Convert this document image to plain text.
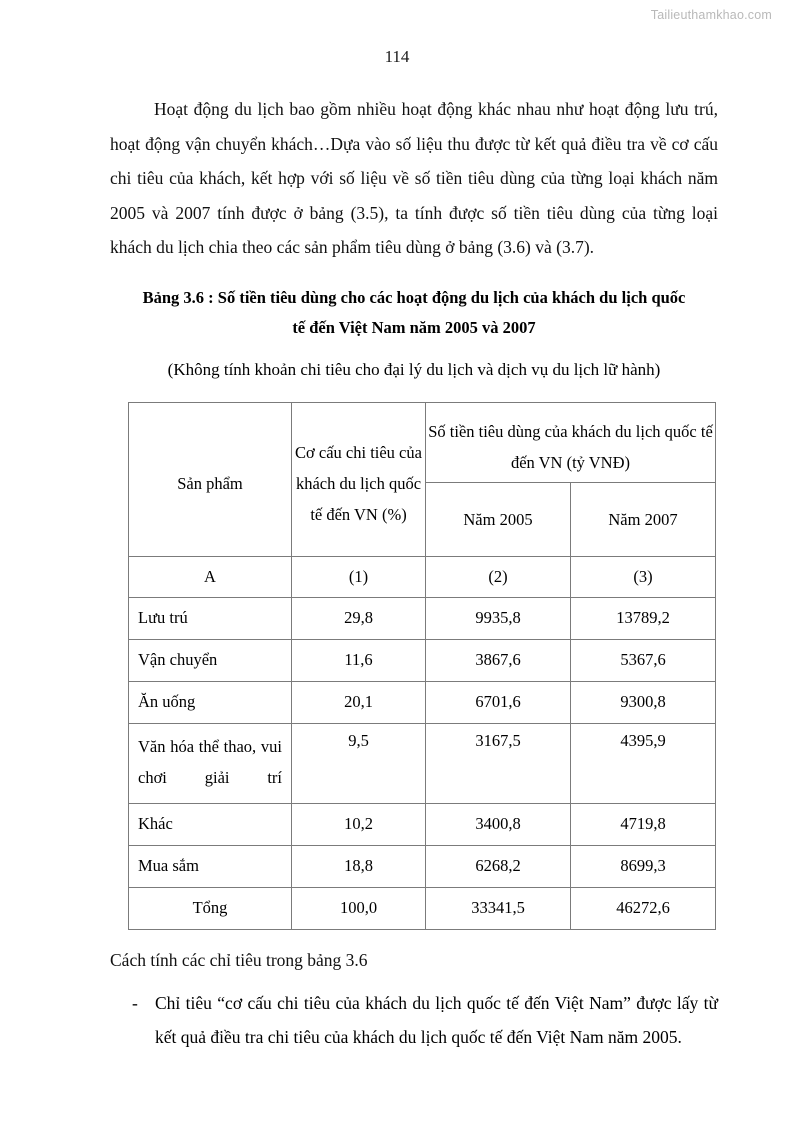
Tailieuthamkhao.com
114

Hoạt động du lịch bao gồm nhiều hoạt động khác nhau như hoạt động lưu trú, hoạt động vận chuyển khách…Dựa vào số liệu thu được từ kết quả điều tra về cơ cấu chi tiêu của khách, kết hợp với số liệu về số tiền tiêu dùng của từng loại khách năm 2005 và 2007 tính được ở bảng (3.5), ta tính được số tiền tiêu dùng của từng loại khách du lịch chia theo các sản phẩm tiêu dùng ở bảng (3.6) và (3.7).

Bảng 3.6 : Số tiền tiêu dùng cho các hoạt động du lịch của khách du lịch quốc
tế đến Việt Nam năm 2005 và 2007
(Không tính khoản chi tiêu cho đại lý du lịch và dịch vụ du lịch lữ hành)
Sản phẩm	Cơ cấu chi tiêu của khách du lịch quốc tế đến VN (%)	Số tiền tiêu dùng của khách du lịch quốc tế đến VN (tỷ VNĐ)	
		Năm 2005	Năm 2007
A	(1)	(2)	(3)
Lưu trú	29,8	9935,8	13789,2
Vận chuyển	11,6	3867,6	5367,6
Ăn uống	20,1	6701,6	9300,8
Văn hóa thể thao, vui chơi giải trí	9,5	3167,5	4395,9
Khác	10,2	3400,8	4719,8
Mua sắm	18,8	6268,2	8699,3
Tổng	100,0	33341,5	46272,6
Cách tính các chỉ tiêu trong bảng 3.6
- Chỉ tiêu “cơ cấu chi tiêu của khách du lịch quốc tế đến Việt Nam” được lấy từ kết quả điều tra chi tiêu của khách du lịch quốc tế đến Việt Nam năm 2005.
